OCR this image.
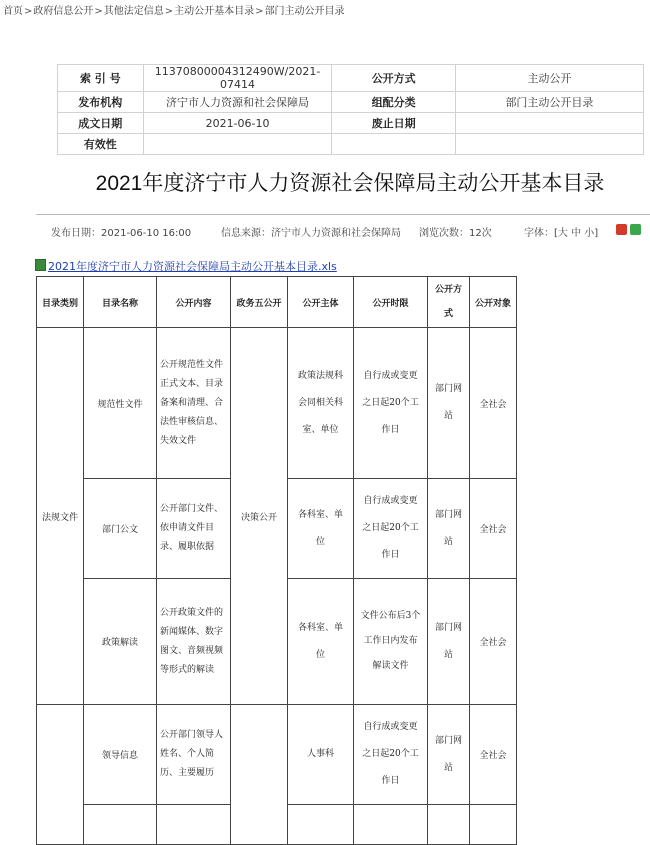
首页>政府信息公开>其他法定信息>主动公开基本目录>部门主动公开目录
索 引 号	11370800004312490W/2021-07414	公开方式	主动公开
发布机构	济宁市人力资源和社会保障局	组配分类	部门主动公开目录
成文日期	2021-06-10	废止日期	
有效性			
2021年度济宁市人力资源社会保障局主动公开基本目录
发布日期：2021-06-10 16:00	信息来源：济宁市人力资源和社会保障局 浏览次数：12次	字体：[大 中 小]
2021年度济宁市人力资源社会保障局主动公开基本目录.xls
目录类别	目录名称	公开内容	政务五公开	公开主体	公开时限	公开方式	公开对象
法规文件	规范性文件	公开规范性文件正式文本、目录备案和清理、合法性审核信息、失效文件	决策公开	政策法规科会同相关科室、单位	自行成或变更之日起20个工作日	部门网站	全社会
	部门公文	公开部门文件、依申请文件目录、履职依据		各科室、单位	自行成或变更之日起20个工作日	部门网站	全社会
	政策解读	公开政策文件的新闻媒体、数字图文、音频视频等形式的解读		各科室、单位	文件公布后3个工作日内发布解读文件	部门网站	全社会
	领导信息	公开部门领导人姓名、个人简历、主要履历		人事科	自行成或变更之日起20个工作日	部门网站	全社会
